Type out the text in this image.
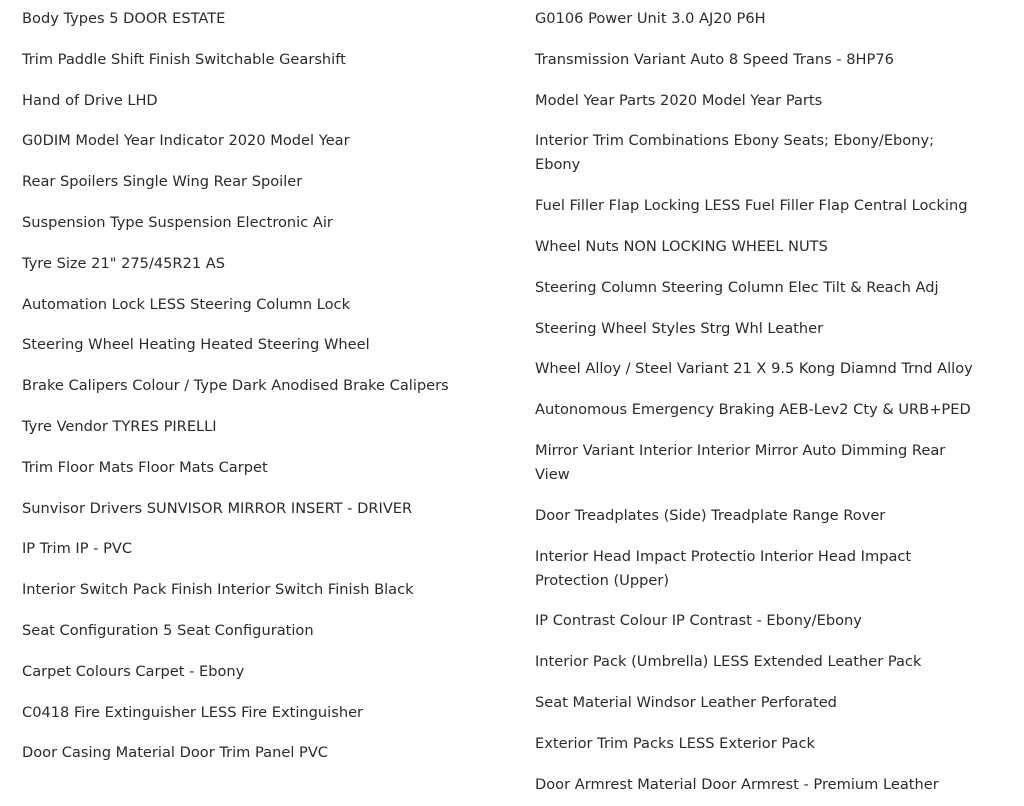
Body Types 5 DOOR ESTATE
Trim Paddle Shift Finish Switchable Gearshift
Hand of Drive LHD
G0DIM Model Year Indicator 2020 Model Year
Rear Spoilers Single Wing Rear Spoiler
Suspension Type Suspension Electronic Air
Tyre Size 21" 275/45R21 AS
Automation Lock LESS Steering Column Lock
Steering Wheel Heating Heated Steering Wheel
Brake Calipers Colour / Type Dark Anodised Brake Calipers
Tyre Vendor TYRES PIRELLI
Trim Floor Mats Floor Mats Carpet
Sunvisor Drivers SUNVISOR MIRROR INSERT - DRIVER
IP Trim IP - PVC
Interior Switch Pack Finish Interior Switch Finish Black
Seat Configuration 5 Seat Configuration
Carpet Colours Carpet - Ebony
C0418 Fire Extinguisher LESS Fire Extinguisher
Door Casing Material Door Trim Panel PVC
G0106 Power Unit 3.0 AJ20 P6H
Transmission Variant Auto 8 Speed Trans - 8HP76
Model Year Parts 2020 Model Year Parts
Interior Trim Combinations Ebony Seats; Ebony/Ebony; Ebony
Fuel Filler Flap Locking LESS Fuel Filler Flap Central Locking
Wheel Nuts NON LOCKING WHEEL NUTS
Steering Column Steering Column Elec Tilt & Reach Adj
Steering Wheel Styles Strg Whl Leather
Wheel Alloy / Steel Variant 21 X 9.5 Kong Diamnd Trnd Alloy
Autonomous Emergency Braking AEB-Lev2 Cty & URB+PED
Mirror Variant Interior Interior Mirror Auto Dimming Rear View
Door Treadplates (Side) Treadplate Range Rover
Interior Head Impact Protectio Interior Head Impact Protection (Upper)
IP Contrast Colour IP Contrast - Ebony/Ebony
Interior Pack (Umbrella) LESS Extended Leather Pack
Seat Material Windsor Leather Perforated
Exterior Trim Packs LESS Exterior Pack
Door Armrest Material Door Armrest - Premium Leather
